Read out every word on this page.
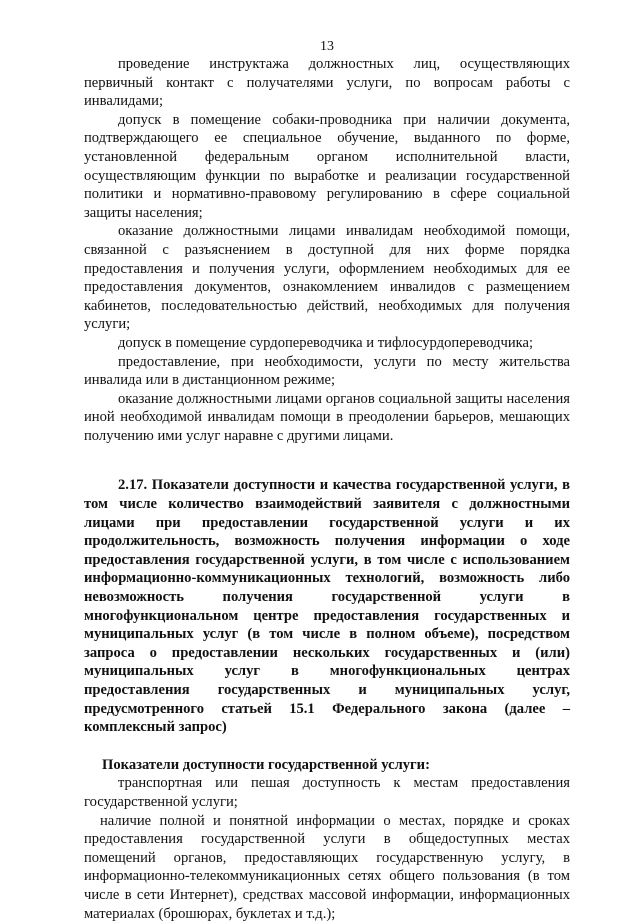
13

проведение инструктажа должностных лиц, осуществляющих первичный контакт с получателями услуги, по вопросам работы с инвалидами;

допуск в помещение собаки-проводника при наличии документа, подтверждающего ее специальное обучение, выданного по форме, установленной федеральным органом исполнительной власти, осуществляющим функции по выработке и реализации государственной политики и нормативно-правовому регулированию в сфере социальной защиты населения;

оказание должностными лицами инвалидам необходимой помощи, связанной с разъяснением в доступной для них форме порядка предоставления и получения услуги, оформлением необходимых для ее предоставления документов, ознакомлением инвалидов с размещением кабинетов, последовательностью действий, необходимых для получения услуги;

допуск в помещение сурдопереводчика и тифлосурдопереводчика;

предоставление, при необходимости, услуги по месту жительства инвалида или в дистанционном режиме;

оказание должностными лицами органов социальной защиты населения иной необходимой инвалидам помощи в преодолении барьеров, мешающих получению ими услуг наравне с другими лицами.

2.17. Показатели доступности и качества государственной услуги, в том числе количество взаимодействий заявителя с должностными лицами при предоставлении государственной услуги и их продолжительность, возможность получения информации о ходе предоставления государственной услуги, в том числе с использованием информационно-коммуникационных технологий, возможность либо невозможность получения государственной услуги в многофункциональном центре предоставления государственных и муниципальных услуг (в том числе в полном объеме), посредством запроса о предоставлении нескольких государственных и (или) муниципальных услуг в многофункциональных центрах предоставления государственных и муниципальных услуг, предусмотренного статьей 15.1 Федерального закона (далее – комплексный запрос)

Показатели доступности государственной услуги:

транспортная или пешая доступность к местам предоставления государственной услуги;

наличие полной и понятной информации о местах, порядке и сроках предоставления государственной услуги в общедоступных местах помещений органов, предоставляющих государственную услугу, в информационно-телекоммуникационных сетях общего пользования (в том числе в сети Интернет), средствах массовой информации, информационных материалах (брошюрах, буклетах и т.д.);
